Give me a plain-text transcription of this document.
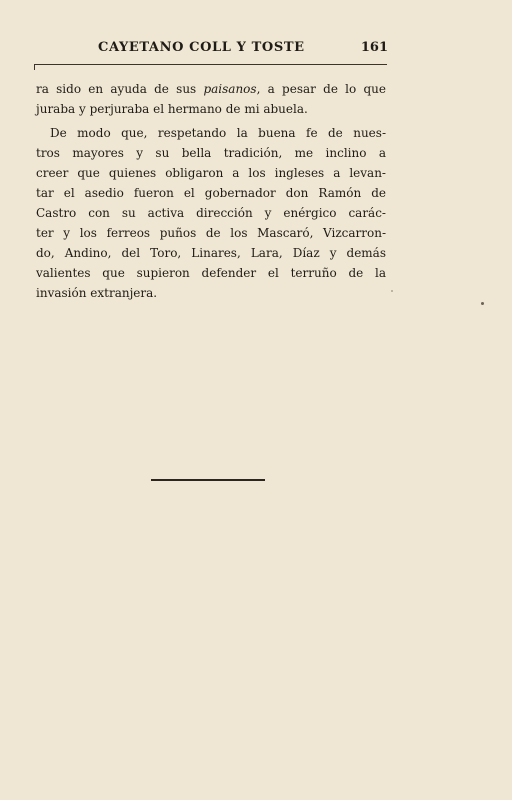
CAYETANO COLL Y TOSTE	161
ra sido en ayuda de sus paisanos, a pesar de lo que
juraba y perjuraba el hermano de mi abuela.
De modo que, respetando la buena fe de nues-
tros mayores y su bella tradición, me inclino a
creer que quienes obligaron a los ingleses a levan-
tar el asedio fueron el gobernador don Ramón de
Castro con su activa dirección y enérgico carác-
ter y los ferreos puños de los Mascaró, Vizcarron-
do, Andino, del Toro, Linares, Lara, Díaz y demás
valientes que supieron defender el terruño de la
invasión extranjera.
